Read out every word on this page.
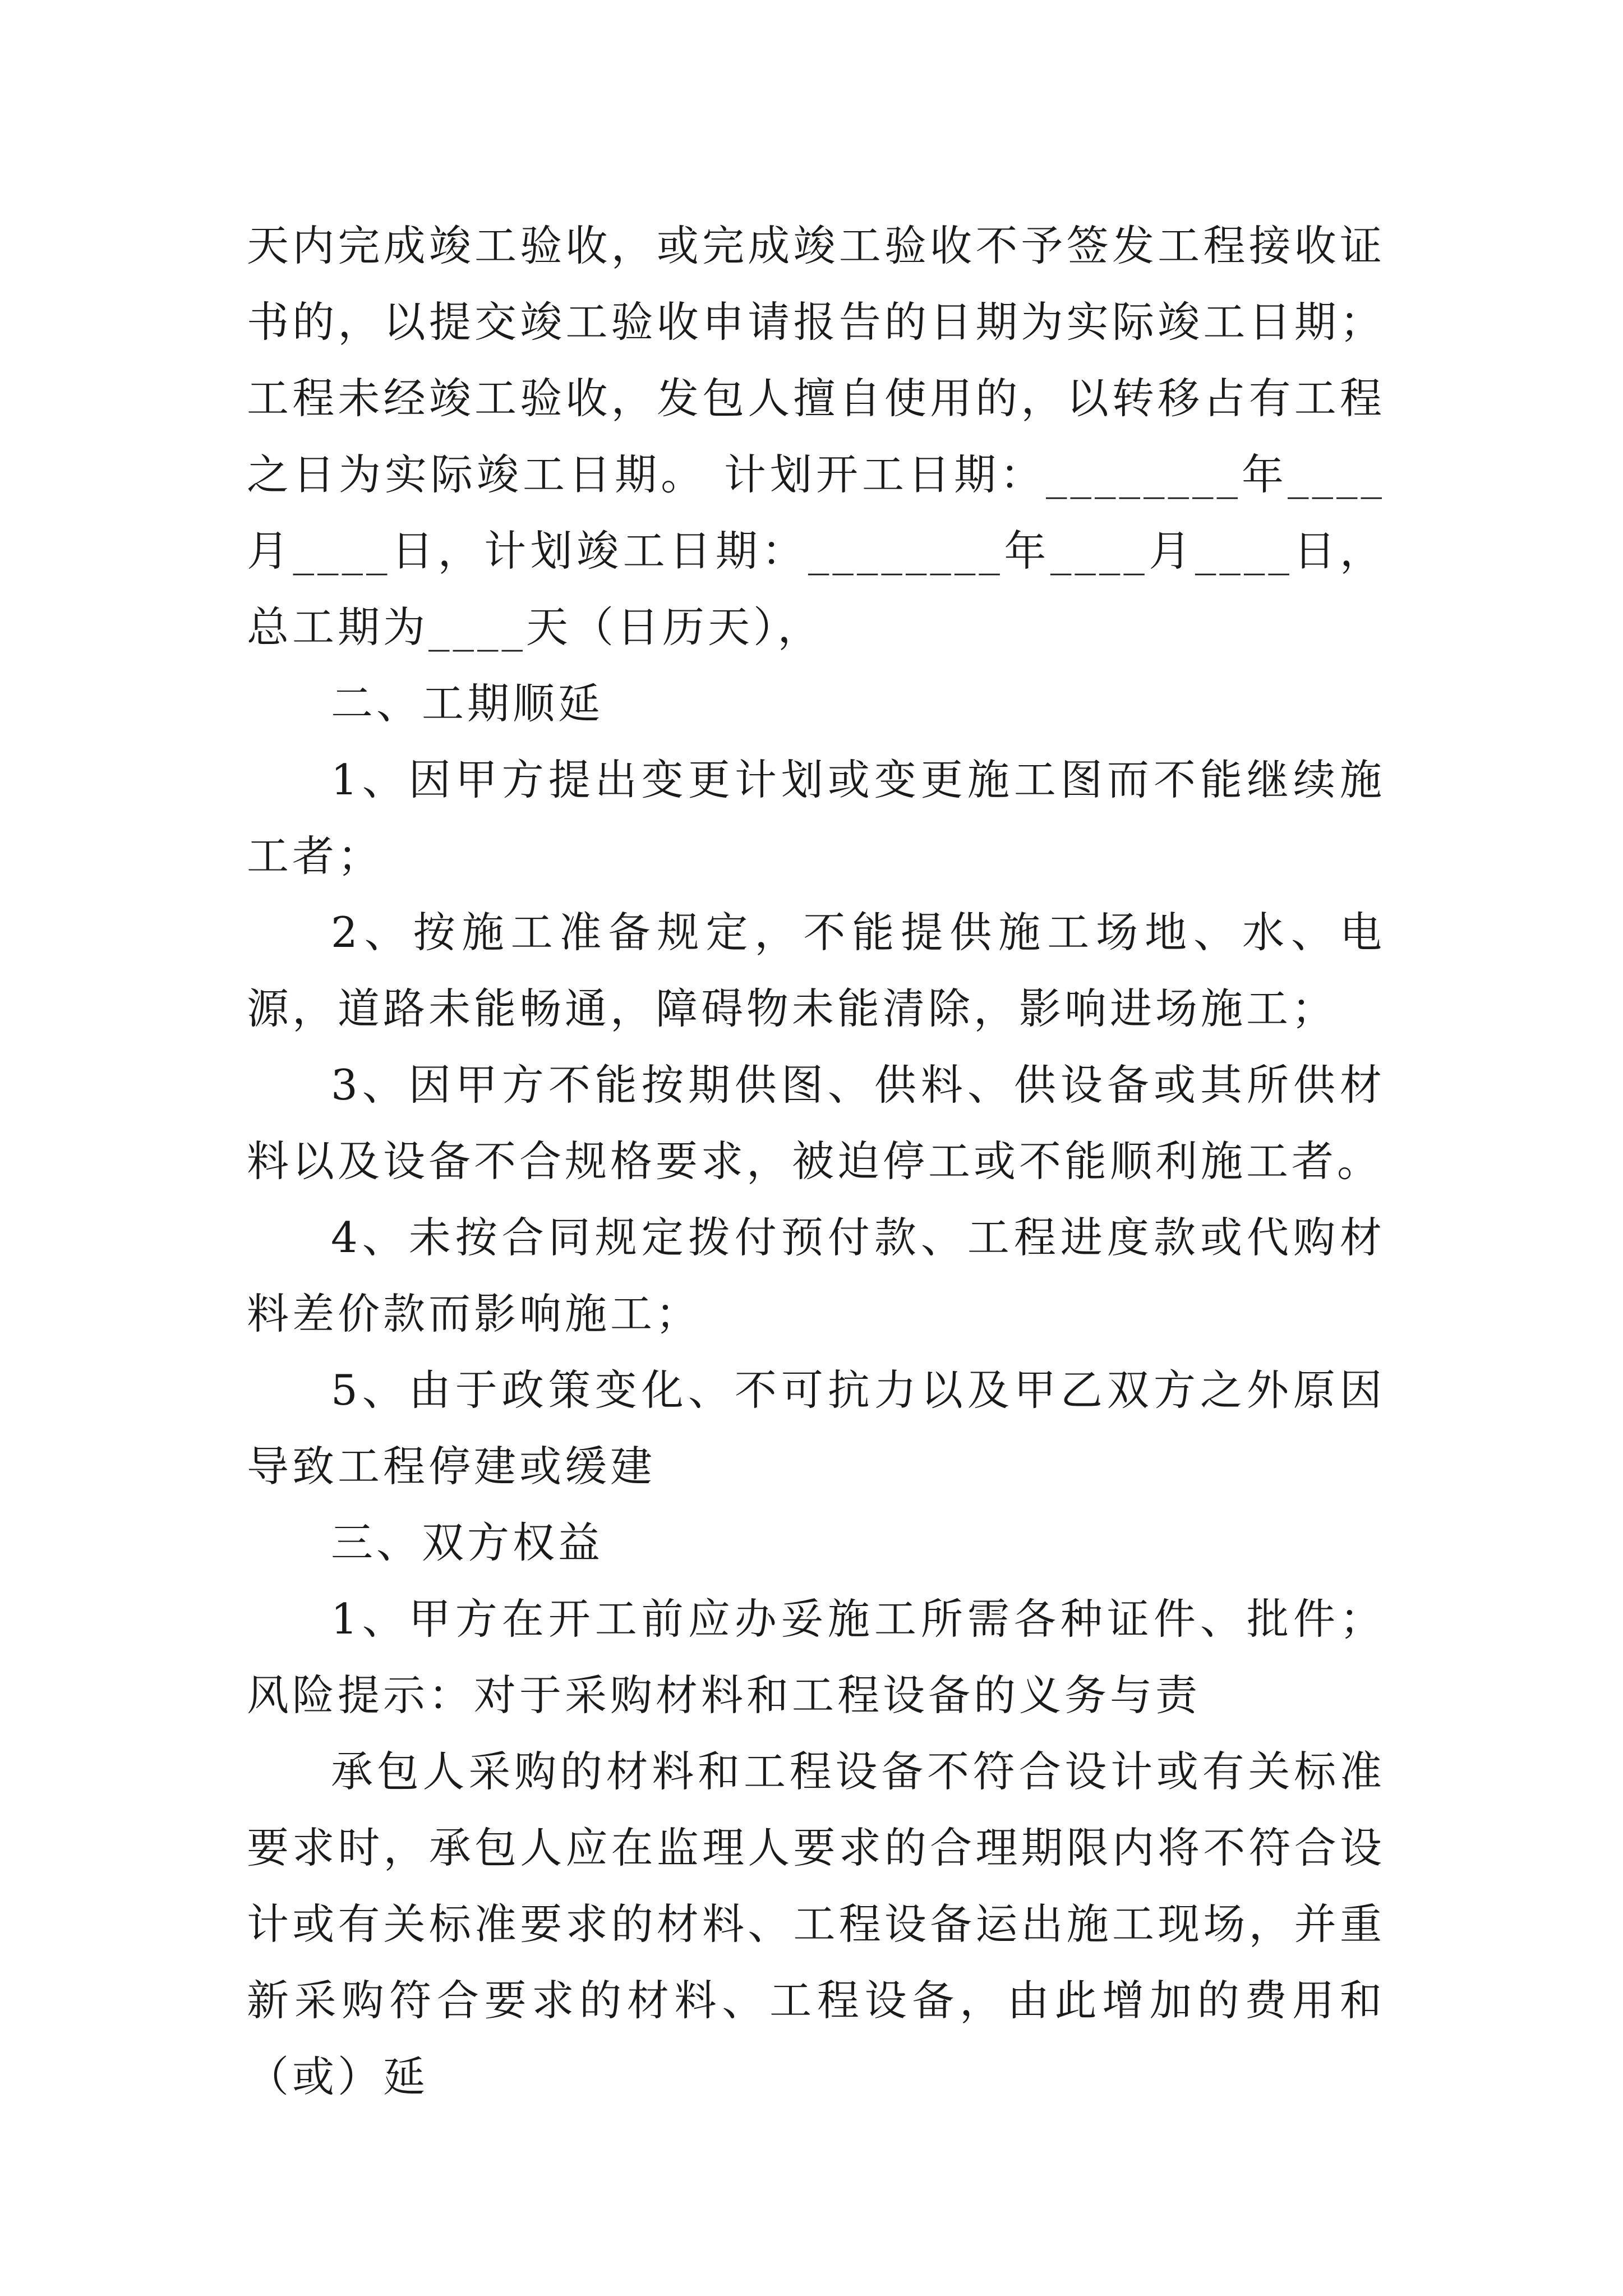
天内完成竣工验收，或完成竣工验收不予签发工程接收证书的，以提交竣工验收申请报告的日期为实际竣工日期；工程未经竣工验收，发包人擅自使用的，以转移占有工程之日为实际竣工日期。 计划开工日期：________年____月____日，计划竣工日期：________年____月____日，总工期为____天（日历天），

二、工期顺延

1、因甲方提出变更计划或变更施工图而不能继续施工者；

2、按施工准备规定，不能提供施工场地、水、电源，道路未能畅通，障碍物未能清除，影响进场施工；

3、因甲方不能按期供图、供料、供设备或其所供材料以及设备不合规格要求，被迫停工或不能顺利施工者。

4、未按合同规定拨付预付款、工程进度款或代购材料差价款而影响施工；

5、由于政策变化、不可抗力以及甲乙双方之外原因导致工程停建或缓建

三、双方权益

1、甲方在开工前应办妥施工所需各种证件、批件；风险提示：对于采购材料和工程设备的义务与责

承包人采购的材料和工程设备不符合设计或有关标准要求时，承包人应在监理人要求的合理期限内将不符合设计或有关标准要求的材料、工程设备运出施工现场，并重新采购符合要求的材料、工程设备，由此增加的费用和（或）延
